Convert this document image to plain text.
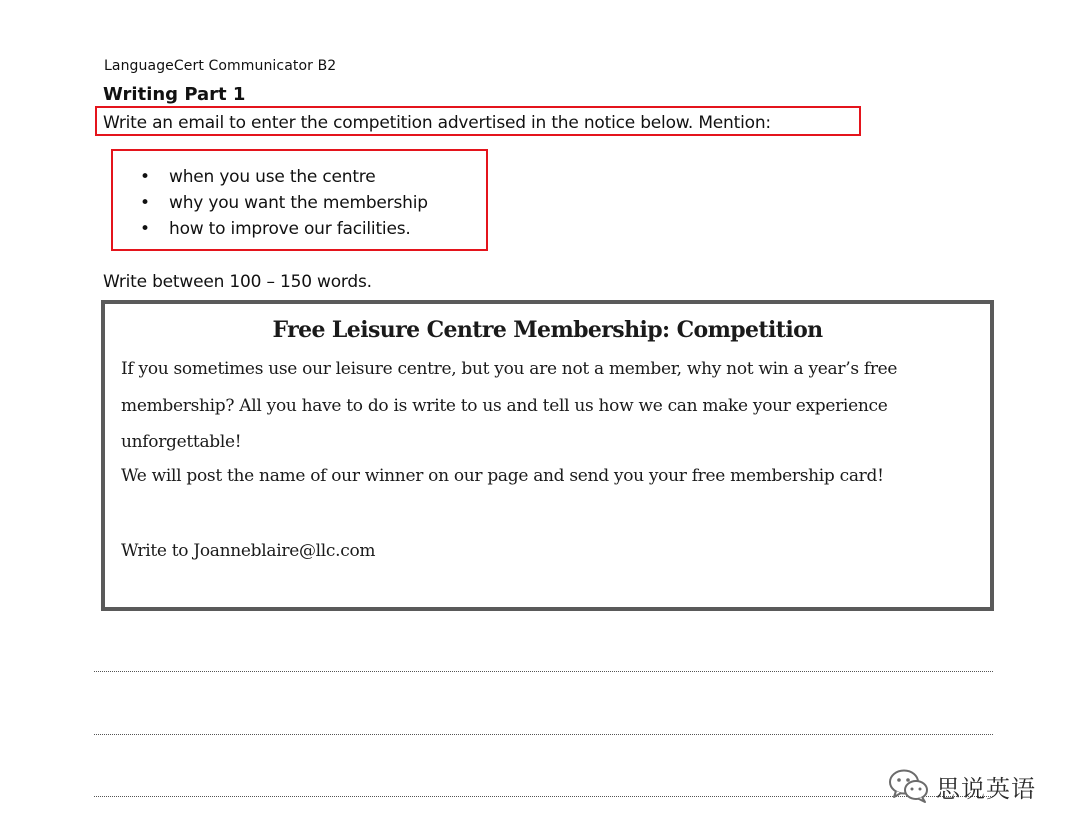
LanguageCert Communicator B2
Writing Part 1
Write an email to enter the competition advertised in the notice below. Mention:
• when you use the centre
• why you want the membership
• how to improve our facilities.
Write between 100 – 150 words.
Free Leisure Centre Membership: Competition
If you sometimes use our leisure centre, but you are not a member, why not win a year’s free
membership? All you have to do is write to us and tell us how we can make your experience
unforgettable!
We will post the name of our winner on our page and send you your free membership card!
Write to Joanneblaire@llc.com
思说英语
